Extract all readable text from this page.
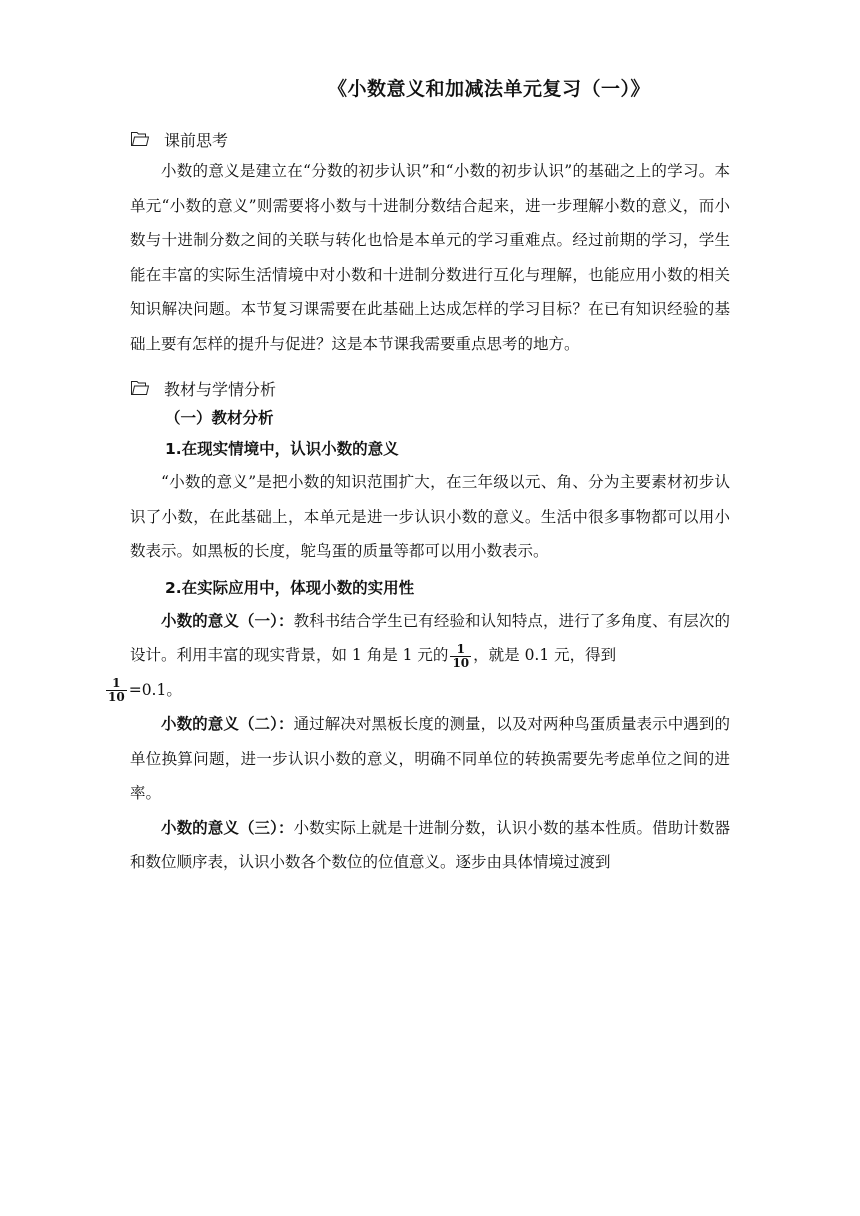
《小数意义和加减法单元复习（一）》
课前思考

小数的意义是建立在“分数的初步认识”和“小数的初步认识”的基础之上的学习。本单元“小数的意义”则需要将小数与十进制分数结合起来，进一步理解小数的意义，而小数与十进制分数之间的关联与转化也恰是本单元的学习重难点。经过前期的学习，学生能在丰富的实际生活情境中对小数和十进制分数进行互化与理解，也能应用小数的相关知识解决问题。本节复习课需要在此基础上达成怎样的学习目标？在已有知识经验的基础上要有怎样的提升与促进？这是本节课我需要重点思考的地方。

教材与学情分析

（一）教材分析

1.在现实情境中，认识小数的意义

“小数的意义”是把小数的知识范围扩大，在三年级以元、角、分为主要素材初步认识了小数，在此基础上，本单元是进一步认识小数的意义。生活中很多事物都可以用小数表示。如黑板的长度，鸵鸟蛋的质量等都可以用小数表示。

2.在实际应用中，体现小数的实用性

小数的意义（一）：教科书结合学生已有经验和认知特点，进行了多角度、有层次的设计。利用丰富的现实背景，如 1 角是 1 元的 $\frac{1}{10}$ ，就是 0.1 元，得到

$\frac{1}{10} =0.1$。

小数的意义（二）：通过解决对黑板长度的测量，以及对两种鸟蛋质量表示中遇到的单位换算问题，进一步认识小数的意义，明确不同单位的转换需要先考虑单位之间的进率。

小数的意义（三）：小数实际上就是十进制分数，认识小数的基本性质。借助计数器和数位顺序表，认识小数各个数位的位值意义。逐步由具体情境过渡到
